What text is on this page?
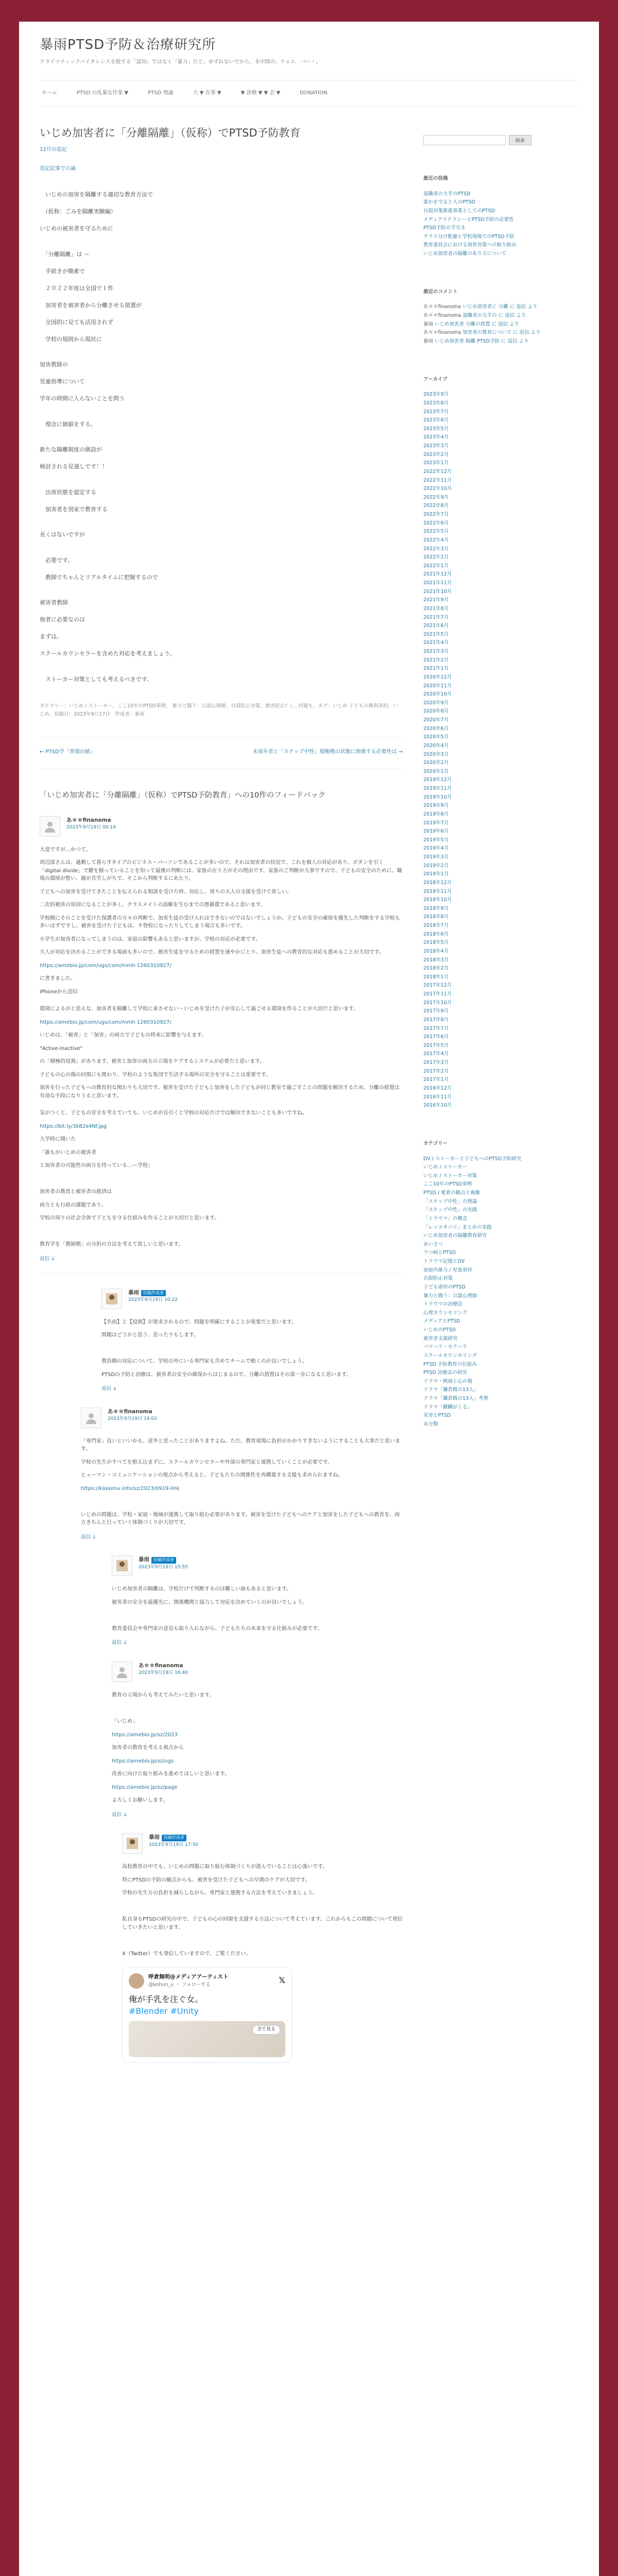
暴雨PTSD予防＆治療研究所
クライマティックバイオレンスを脱する「認知」ではなく「暴力」だと、ゆずれないでから、非中間の、ウォエ　バー・。
ホーム	PTSD の乱暴な作業 ▼	PTSD 理論	大 ▼ 在事 ▼	▼ 診療 ▼ ▼ 会 ▼	DONATION
いじめ加害者に「分離隔離」（仮称）でPTSD予防教育
12月の追記
追記記事での論

　いじめの加害を隔離する適切な教育方法で

　（仮称：ごみを隔離実験編）

いじめの被害者を守るために

　「分離隔離」は ー

　手続きが簡素で

　２０２２年度は全国で１件

　加害者を被害者から分離させる措置が

　全国的に見ても活用されず

　学校の規則から現状に

加害教師の

児童指導について

学年の時間に入らないことを問う

　理念に価値をする。

新たな隔離制度の創設が

検討される見通しです！！

　出席状態を認定する

　加害者を別室で教育する

長くはないですが

　必要です。

　教師でちゃんとリアルタイムに把握するので

被害者教師

他者に必要なのは

まずは。

スクールカウンセラーを含めた対応を考えましょう。

　ストーカー対策としても考えるべきです。

カテゴリー：いじめ / ストーカー、ここ10年のPTSD事例、 暴力と闘う：公認心理師、自殺防止対策、被害防止ｺﾞﾐ… 回避も、タグ：いじめ 子どもの権利条約、いじめ、投稿日：2023年9月17日　作成者：暴雨
← PTSD学「普通の値」	未成年者と「ステップ中性」規範戦の状態に関係する必要性は →
「いじめ加害者に「分離隔離」（仮称）でPTSD予防教育」への10件のフィードバック
あ＊＊finanoma
2023年9月19日 00:14

大変ですが…かつて。

周辺部さんは、過剰して暮らすタイプのビジネス・パーソンであることが多いので、それは加害者の状況で、これを個人の対応があり、ボタンを引く「digital divide」で鍵を握っていることを知って最後の判断には、家族の在り方がその理由です。家族のご判断が大事ですので、子どもの安全のために、職場の環境が整い、親が苦労しがちで、そこから判断するにあたり。

子どもへの加害を受けてきたことを伝えられる相談を受けた時、対応し、周りの大人の支援を受けて欲しい。

二次的被害の原因になることが多く、クラスメイトの誤解を生むまでの悪循環であると思います。

学校側にそのことを受けた保護者の方々の判断で、加害生徒の受け入れはできないのではないでしょうか。子どもの安全の確保を優先した判断をする学校も多いはずですし、被害を受けた子どもは、不登校になったりしてしまう場合も多いです。

小学生が加害者になってしまうのは、家庭の影響もあると思いますが、学校の対応が必要です。

大人が対応を決めることができる場面も多いので、被害生徒を守るための措置を速やかにとり、加害生徒への教育的な対応も進めることが大切です。

https://amebio.jp/com/ugs/com/mmh-1260310927/

に書きました。

iPhoneから送信

環境によるがと思えな、加害者を隔離して学校に来させない・いじめを受けた子が安心して過ごせる環境を作ることが大切だと思います。

https://amebio.jp/com/ugs/com/mmh-1260310927/

いじめは、「被害」と「加害」の両方で子どもの将来に影響を与えます。

"Active-inactive"

の「積極的役割」があります。被害と加害の両方の立場をケアするシステムが必要だと思います。

子どもの心の傷の回復にも関わり、学校のような集団で生活する場所の安全を守ることは重要です。

加害を行った子どもへの教育的な関わりも大切です。被害を受けた子どもと加害をした子どもが同じ教室で過ごすことの問題を解決するため、分離の措置は有効な手段になりうると思います。

気がつくと、子どもの安全を考えていても、いじめが長引くと学校の対応だけでは解決できないことも多いですね。

https://bit.ly/3kB2s4Nf.jpg

大学時に聞いた

「誰もがいじめの被害者

と加害者の可能性の両方を持っている…ー学校」

加害者の教育と被害者の救済は

両方とも行政の課題であり、

学校の周りの社会全体で子どもを守る仕組みを作ることが大切だと思います。

教育学を「教師側」の分担の方法を考えて欲しいと思います。

返信 ↓
暴雨 投稿作成者
2023年9月19日 10:22

【名前】と【役割】が要求されるので、問題を明確にすることが重要だと思います。

問題はどうかと思う、思ったりもします。

教員側の対応について、学校の外にいる専門家も含めてチームで動くのが良いでしょう。

PTSDの予防と治療は、被害者の安全の確保からはじまるので、分離の措置はその第一歩になると思います。

返信 ↓
あ＊＊finanoma
2023年9月19日 14:02

「専門家」良いといいかも、意外と思ったことがありますよね。ただ、教育現場に負担がかかりすぎないようにすることも大事だと思います。

学校の先生がすべてを抱え込まずに、スクールカウンセラーや外部の専門家と連携していくことが必要です。

ヒューマン・コミュニケーションの視点から考えると、子どもたちの関係性を再構築する支援も求められますね。

https://kassimu.info/sz/2023/0919-link

いじめの問題は、学校・家庭・地域が連携して取り組む必要があります。被害を受けた子どもへのケアと加害をした子どもへの教育を、両方きちんと行っていく体制づくりが大切です。

返信 ↓
暴雨 投稿作成者
2023年9月19日 15:55

いじめ加害者の隔離は、学校だけで判断するのは難しい面もあると思います。

被害者の安全を最優先に、関係機関と協力して対応を決めていくのが良いでしょう。

教育委員会や専門家の意見も取り入れながら、子どもたちの未来を守る仕組みが必要です。

返信 ↓
あ＊＊finanoma
2023年9月19日 16:40

教育の立場からも考えてみたいと思います。

「いじめ」

https://amebio.jp/sz/2023

加害者の教育を考える視点から

https://amebio.jp/sz/ugs

改善に向けた取り組みを進めてほしいと思います。

https://amebio.jp/sz/page

よろしくお願いします。

返信 ↓
暴雨 投稿作成者
2023年9月19日 17:30

高校教育の中でも、いじめの問題に取り組む体制づくりが進んでいることは心強いです。

特にPTSDの予防の観点からも、被害を受けた子どもへの早期のケアが大切です。

学校の先生方の負担を減らしながら、専門家と連携する方法を考えていきましょう。

私自身もPTSDの研究の中で、子どもの心の回復を支援する方法について考えています。これからもこの問題について発信していきたいと思います。

X（Twitter）でも発信していますので、ご覧ください。

呼倉無明@メディアアーティスト
@kohun_u ・ フォローする	𝕏
俺が手乳を注ぐ女。
#Blender #Unity
全て見る
検索
最近の投稿
退職者の大半のPTSD
誰かを守ると人のPTSD
自殺対策推進事業としてのPTSD
メディアリテラシーとPTSD予防の必要性
PTSD予防の手引き
クラス分け配慮と学校現場でのPTSD予防
教育委員会における加害対策への取り組み
いじめ加害者の隔離のあり方について
最近のコメント
あ＊＊finanoma いじめ加害者に 分離 に 返信 より
あ＊＊finanoma 退職者の大半の に 返信 より
暴雨 いじめ加害者 分離の措置 に 返信 より
あ＊＊finanoma 加害者の教育について に 返信 より
暴雨 いじめ加害者 隔離 PTSD予防 に 返信 より
アーカイブ
2023年9月
2023年8月
2023年7月
2023年6月
2023年5月
2023年4月
2023年3月
2023年2月
2023年1月
2022年12月
2022年11月
2022年10月
2022年9月
2022年8月
2022年7月
2022年6月
2022年5月
2022年4月
2022年3月
2022年2月
2022年1月
2021年12月
2021年11月
2021年10月
2021年9月
2021年8月
2021年7月
2021年6月
2021年5月
2021年4月
2021年3月
2021年2月
2021年1月
2020年12月
2020年11月
2020年10月
2020年9月
2020年8月
2020年7月
2020年6月
2020年5月
2020年4月
2020年3月
2020年2月
2020年1月
2019年12月
2019年11月
2019年10月
2019年9月
2019年8月
2019年7月
2019年6月
2019年5月
2019年4月
2019年3月
2019年2月
2019年1月
2018年12月
2018年11月
2018年10月
2018年9月
2018年8月
2018年7月
2018年6月
2018年5月
2018年4月
2018年3月
2018年2月
2018年1月
2017年12月
2017年11月
2017年10月
2017年9月
2017年8月
2017年7月
2017年6月
2017年5月
2017年4月
2017年3月
2017年2月
2017年1月
2016年12月
2016年11月
2016年10月
カテゴリー
DV / ストーカーと子どもへのPTSD予防研究
いじめ / ストーカー
いじめ / ストーカー対策
ここ10年のPTSD事例
PTSD / 愛着の観点と複雑
「ステップ中性」の理論
「ステップ中性」の実践
「トラウマ」の概念
「レッスタバリ」まとめの実践
いじめ加害者の隔離教育研究
あいさつ
うつ病とPTSD
トラウマ記憶とDV
家庭内暴力 / 児童虐待
自殺防止対策
子ども虐待のPTSD
暴力と闘う：公認心理師
トラウマの治療法
心理カウンセリング
メディアとPTSD
いじめのPTSD
被害者支援研究
パワハラ・セクハラ
スクールカウンセリング
PTSD 予防教育の仕組み
PTSD 治療法の研究
ドラマ・映画と心の傷
ドラマ「鎌倉殿の13人」
ドラマ「鎌倉殿の13人」考察
ドラマ「麒麟がくる」
災害とPTSD
未分類
